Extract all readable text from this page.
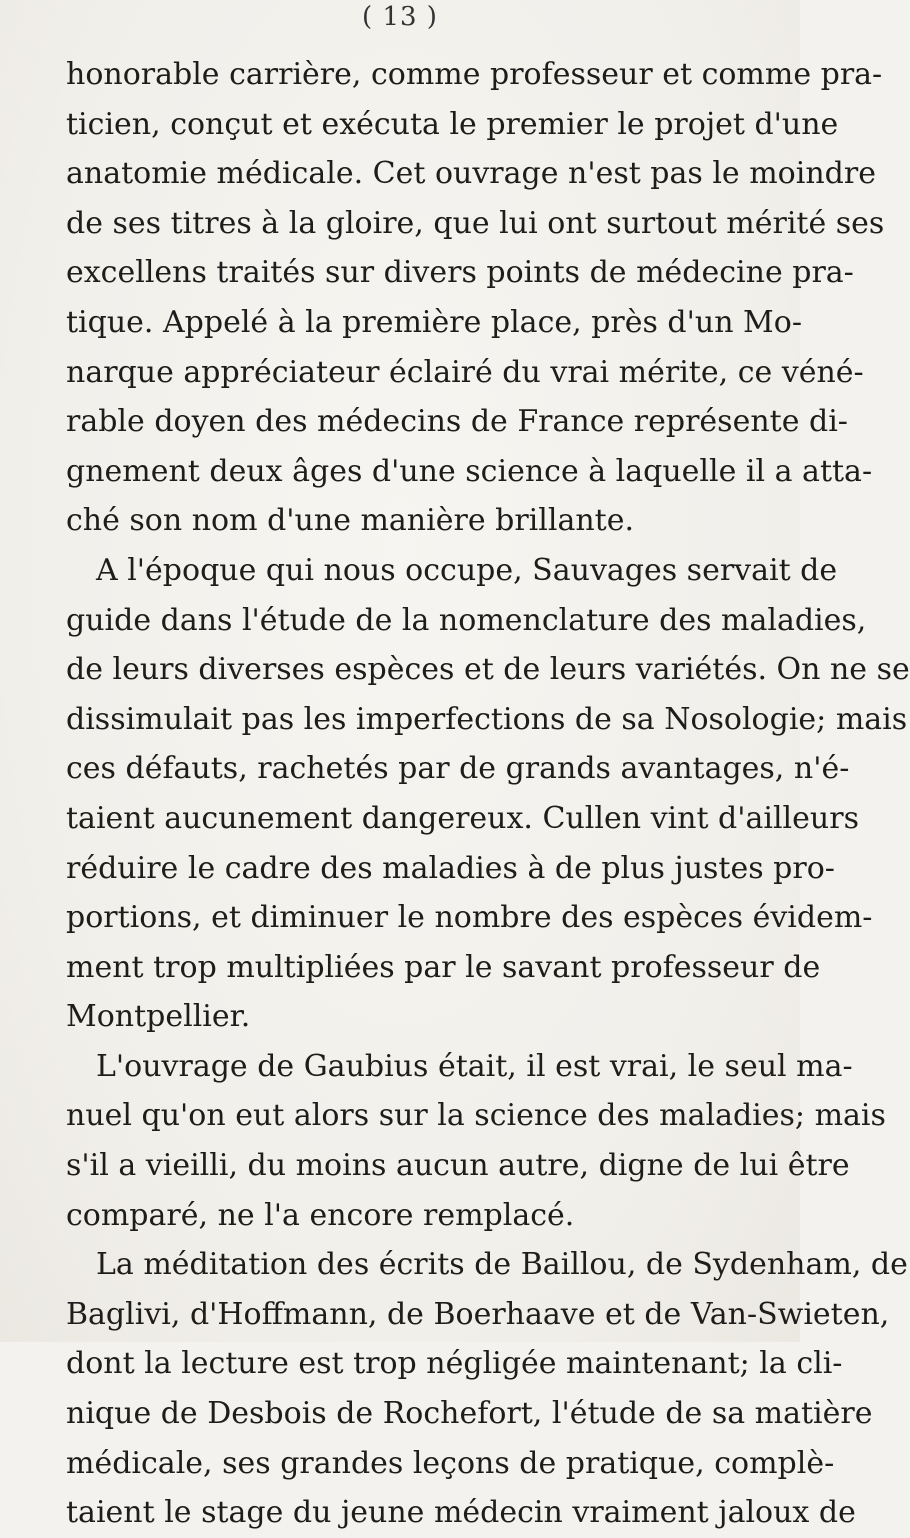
( 13 )
honorable carrière, comme professeur et comme pra-
ticien, conçut et exécuta le premier le projet d'une
anatomie médicale. Cet ouvrage n'est pas le moindre
de ses titres à la gloire, que lui ont surtout mérité ses
excellens traités sur divers points de médecine pra-
tique. Appelé à la première place, près d'un Mo-
narque appréciateur éclairé du vrai mérite, ce véné-
rable doyen des médecins de France représente di-
gnement deux âges d'une science à laquelle il a atta-
ché son nom d'une manière brillante.
A l'époque qui nous occupe, Sauvages servait de
guide dans l'étude de la nomenclature des maladies,
de leurs diverses espèces et de leurs variétés. On ne se
dissimulait pas les imperfections de sa Nosologie; mais
ces défauts, rachetés par de grands avantages, n'é-
taient aucunement dangereux. Cullen vint d'ailleurs
réduire le cadre des maladies à de plus justes pro-
portions, et diminuer le nombre des espèces évidem-
ment trop multipliées par le savant professeur de
Montpellier.
L'ouvrage de Gaubius était, il est vrai, le seul ma-
nuel qu'on eut alors sur la science des maladies; mais
s'il a vieilli, du moins aucun autre, digne de lui être
comparé, ne l'a encore remplacé.
La méditation des écrits de Baillou, de Sydenham, de
Baglivi, d'Hoffmann, de Boerhaave et de Van-Swieten,
dont la lecture est trop négligée maintenant; la cli-
nique de Desbois de Rochefort, l'étude de sa matière
médicale, ses grandes leçons de pratique, complè-
taient le stage du jeune médecin vraiment jaloux de
